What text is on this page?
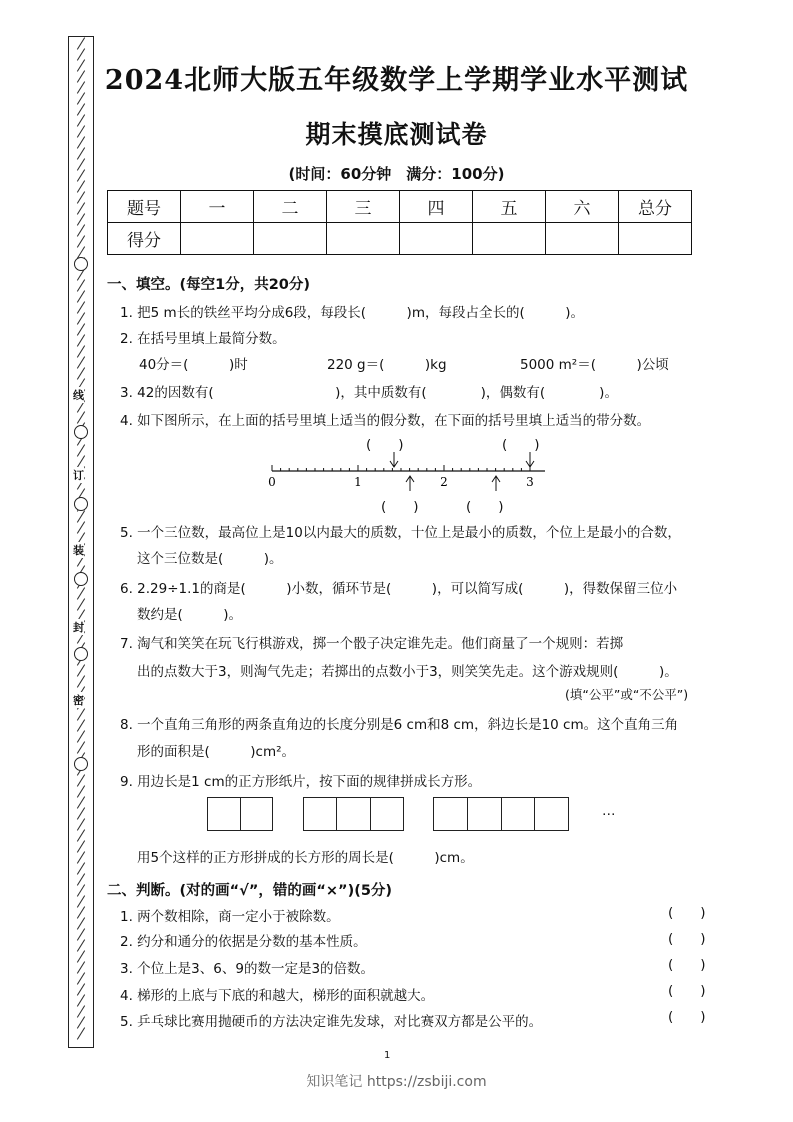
线
订
装
封
密
2024北师大版五年级数学上学期学业水平测试
期末摸底测试卷
(时间：60分钟　满分：100分)
题号	一	二	三	四	五	六	总分
得分							
一、填空。(每空1分，共20分)
1. 把5 m长的铁丝平均分成6段，每段长(　　　)m，每段占全长的(　　　)。
2. 在括号里填上最简分数。
40分＝(　　　)时	220 g＝(　　　)kg	5000 m²＝(　　　)公顷
3. 42的因数有(　　　　　　　　　)，其中质数有(　　　　)，偶数有(　　　　)。
4. 如下图所示，在上面的括号里填上适当的假分数，在下面的括号里填上适当的带分数。
0	1	2	3
(　　)	(　　)
(　　)	(　　)
5. 一个三位数，最高位上是10以内最大的质数，十位上是最小的质数，个位上是最小的合数，
这个三位数是(　　　)。
6. 2.29÷1.1的商是(　　　)小数，循环节是(　　　)，可以简写成(　　　)，得数保留三位小
数约是(　　　)。
7. 淘气和笑笑在玩飞行棋游戏，掷一个骰子决定谁先走。他们商量了一个规则：若掷
出的点数大于3，则淘气先走；若掷出的点数小于3，则笑笑先走。这个游戏规则(　　　)。
(填“公平”或“不公平”)
8. 一个直角三角形的两条直角边的长度分别是6 cm和8 cm，斜边长是10 cm。这个直角三角
形的面积是(　　　)cm²。
9. 用边长是1 cm的正方形纸片，按下面的规律拼成长方形。
…
用5个这样的正方形拼成的长方形的周长是(　　　)cm。
二、判断。(对的画“√”，错的画“×”)(5分)
1. 两个数相除，商一定小于被除数。
2. 约分和通分的依据是分数的基本性质。
3. 个位上是3、6、9的数一定是3的倍数。
4. 梯形的上底与下底的和越大，梯形的面积就越大。
5. 乒乓球比赛用抛硬币的方法决定谁先发球，对比赛双方都是公平的。
(　　)
(　　)
(　　)
(　　)
(　　)
1
知识笔记 https://zsbiji.com
